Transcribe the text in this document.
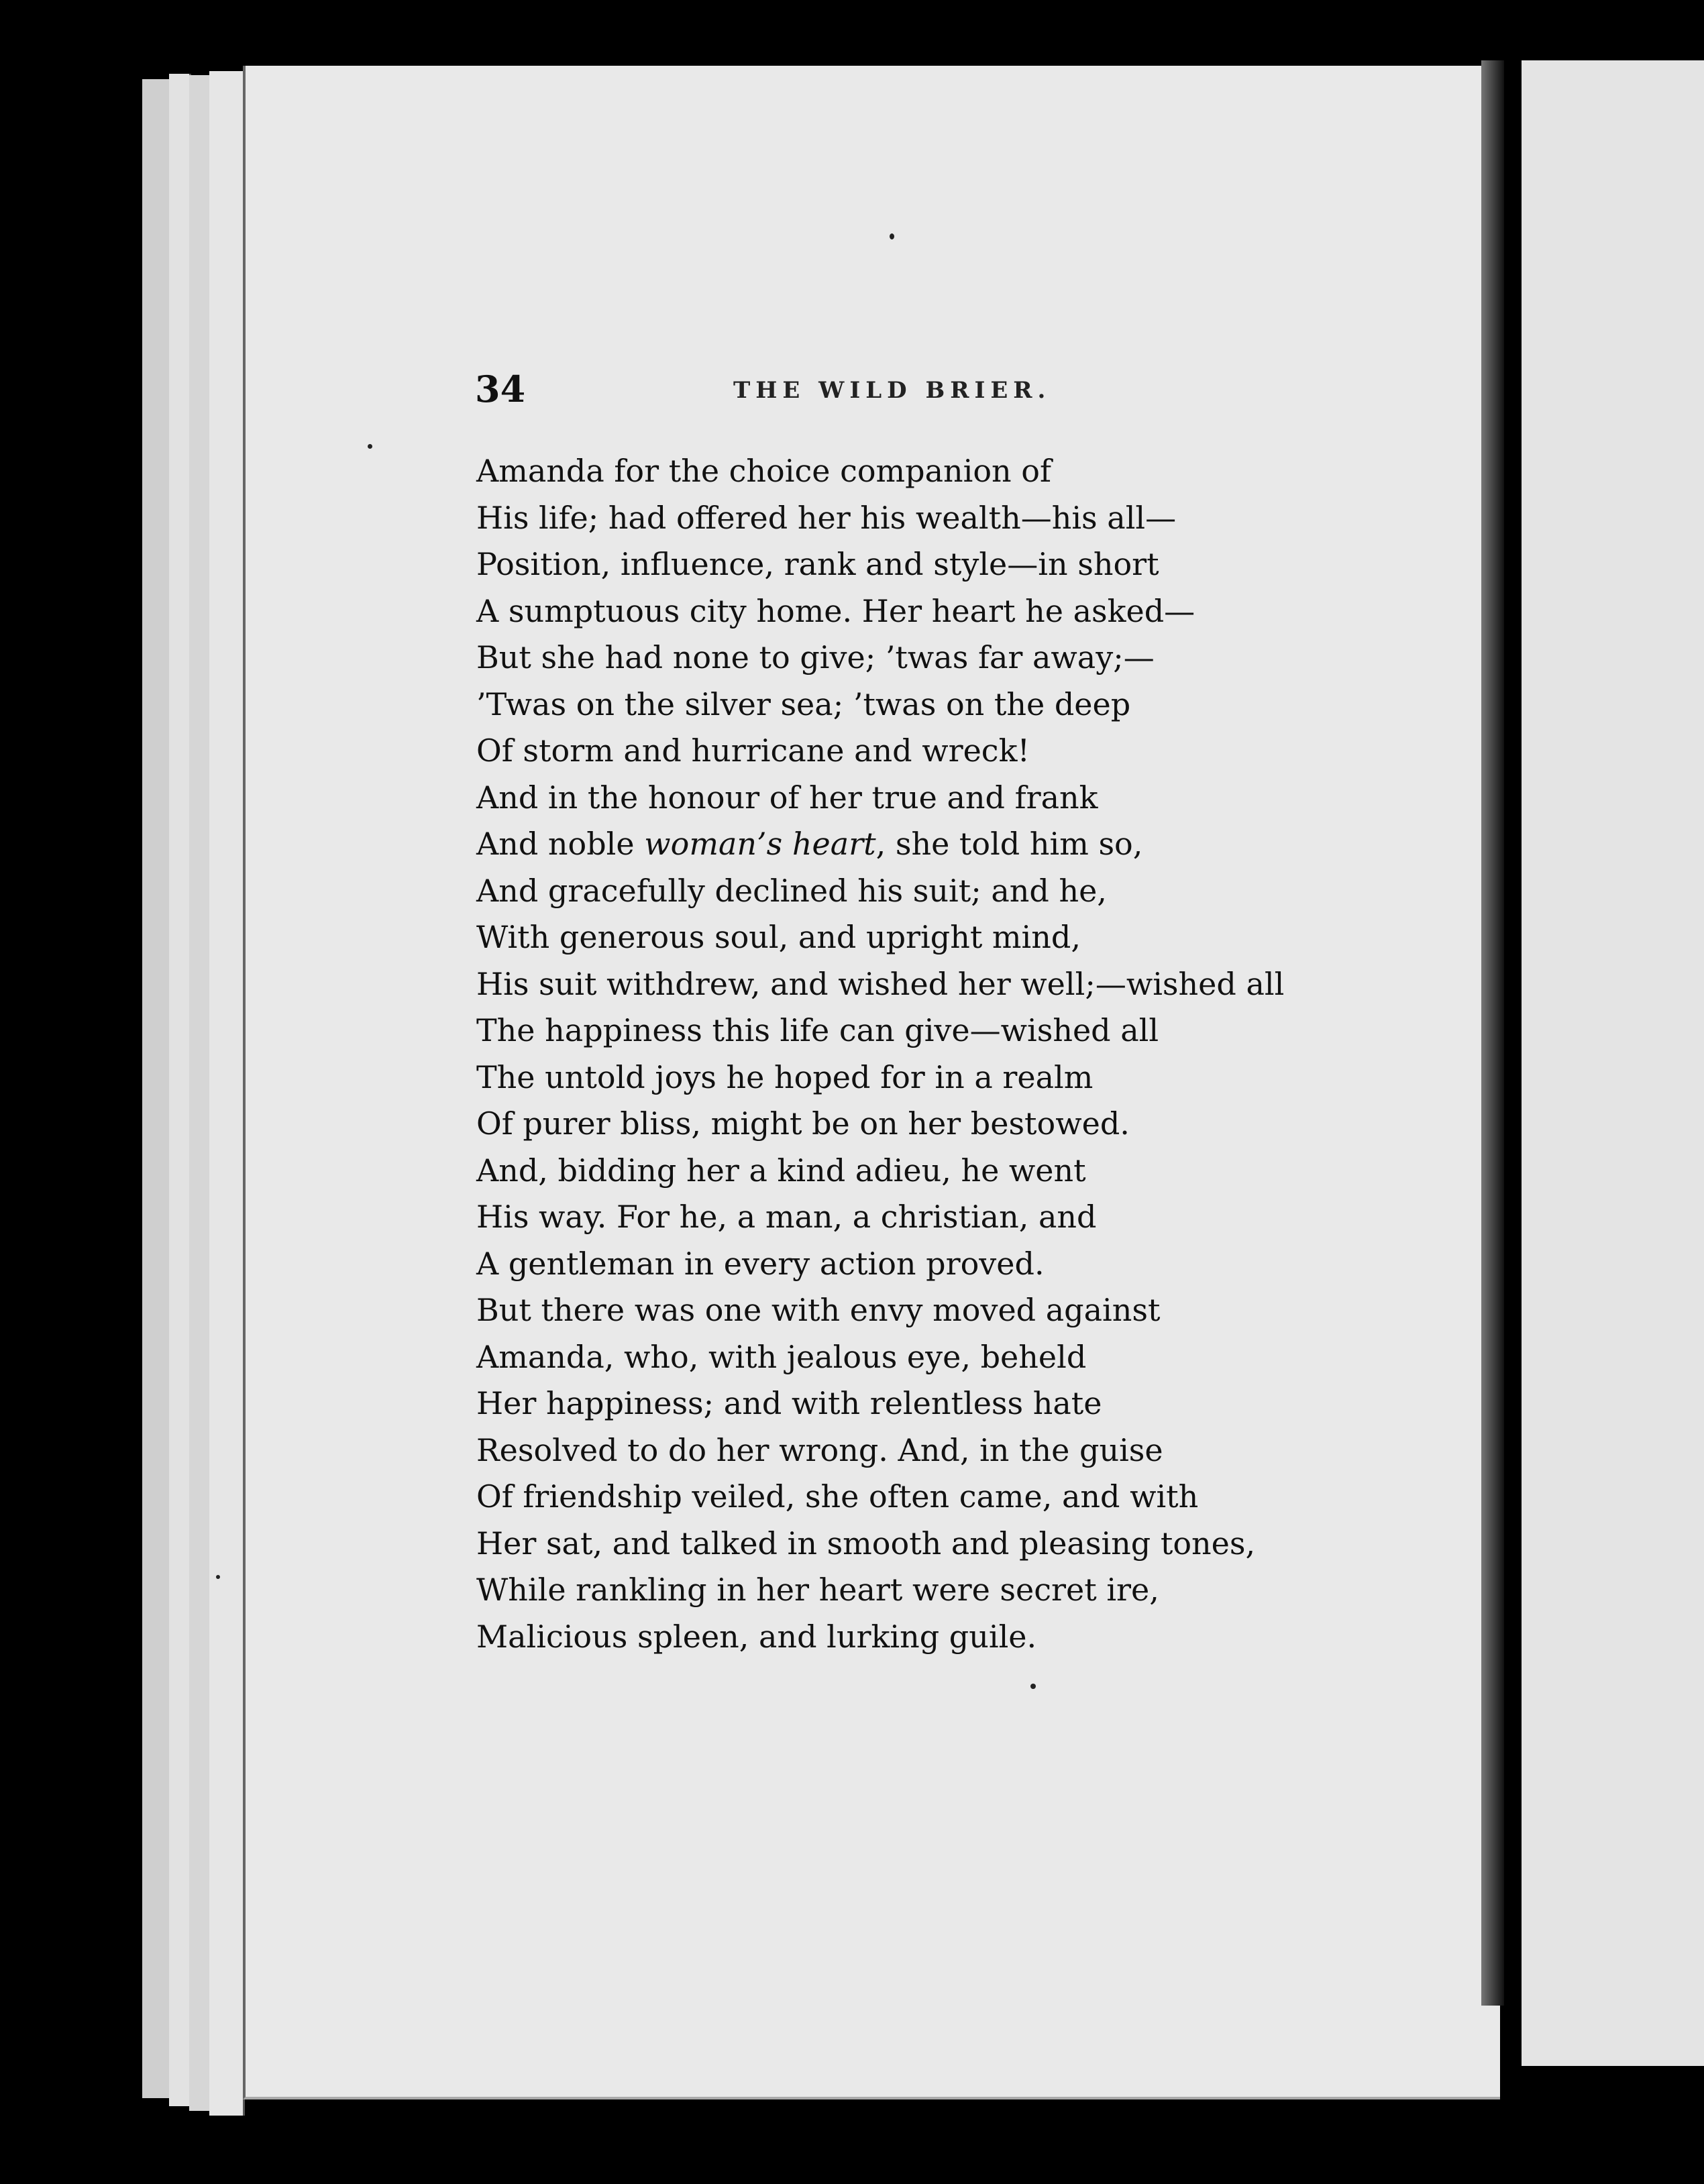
34	THE WILD BRIER.
Amanda for the choice companion of
His life; had offered her his wealth—his all—
Position, influence, rank and style—in short
A sumptuous city home. Her heart he asked—
But she had none to give; ’twas far away;—
’Twas on the silver sea; ’twas on the deep
Of storm and hurricane and wreck!
And in the honour of her true and frank
And noble woman’s heart, she told him so,
And gracefully declined his suit; and he,
With generous soul, and upright mind,
His suit withdrew, and wished her well;—wished all
The happiness this life can give—wished all
The untold joys he hoped for in a realm
Of purer bliss, might be on her bestowed.
And, bidding her a kind adieu, he went
His way. For he, a man, a christian, and
A gentleman in every action proved.
But there was one with envy moved against
Amanda, who, with jealous eye, beheld
Her happiness; and with relentless hate
Resolved to do her wrong. And, in the guise
Of friendship veiled, she often came, and with
Her sat, and talked in smooth and pleasing tones,
While rankling in her heart were secret ire,
Malicious spleen, and lurking guile.
